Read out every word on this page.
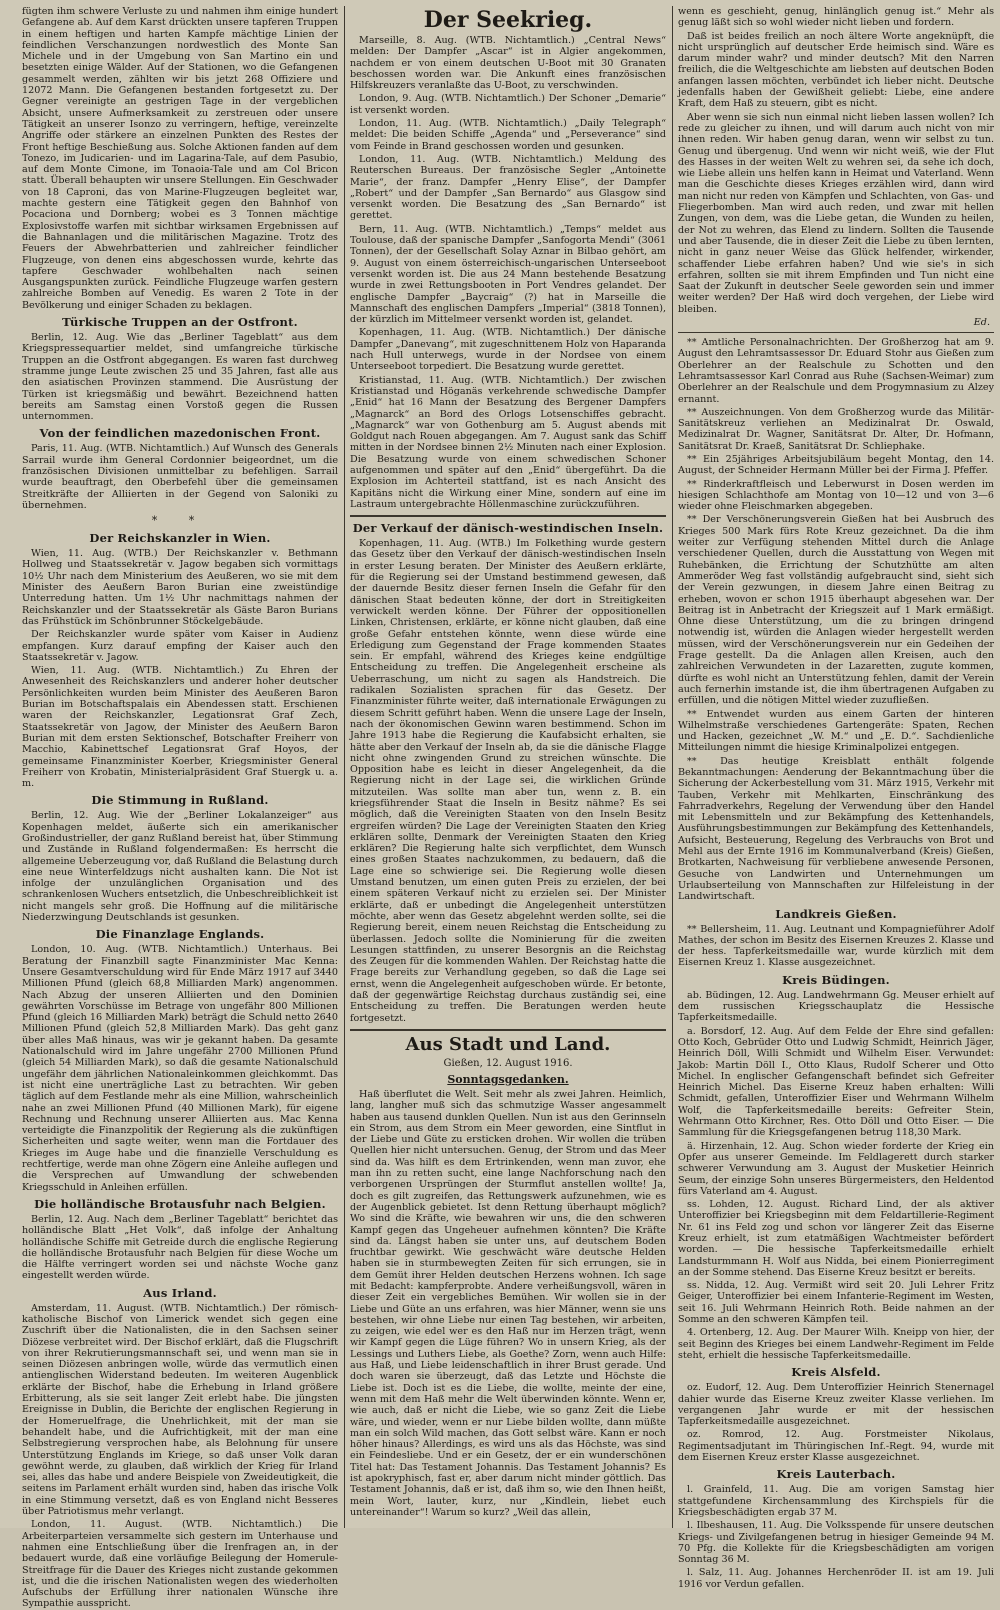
fügten ihm schwere Verluste zu und nahmen ihm einige hundert Gefangene ab. Auf dem Karst drückten unsere tapferen Truppen in einem heftigen und harten Kampfe mächtige Linien der feindlichen Verschanzungen nordwestlich des Monte San Michele und in der Umgebung von San Martino ein und besetzten einige Wälder. Auf der Stationen, wo die Gefangenen gesammelt werden, zählten wir bis jetzt 268 Offiziere und 12072 Mann. Die Gefangenen bestanden fortgesetzt zu. Der Gegner vereinigte an gestrigen Tage in der vergeblichen Absicht, unsere Aufmerksamkeit zu zerstreuen oder unsere Tätigkeit an unserer Isonzo zu verringern, heftige, vereinzelte Angriffe oder stärkere an einzelnen Punkten des Restes der Front heftige Beschießung aus. Solche Aktionen fanden auf dem Tonezo, im Judicarien- und im Lagarina-Tale, auf dem Pasubio, auf dem Monte Cimone, im Tonaoia-Tale und am Col Bricon statt. Überall behaupten wir unsere Stellungen. Ein Geschwader von 18 Caproni, das von Marine-Flugzeugen begleitet war, machte gestern eine Tätigkeit gegen den Bahnhof von Pocaciona und Dornberg; wobei es 3 Tonnen mächtige Explosivstoffe warfen mit sichtbar wirksamen Ergebnissen auf die Bahnanlagen und die militärischen Magazine. Trotz des Feuers der Abwehrbatterien und zahlreicher feindlicher Flugzeuge, von denen eins abgeschossen wurde, kehrte das tapfere Geschwader wohlbehalten nach seinen Ausgangspunkten zurück. Feindliche Flugzeuge warfen gestern zahlreiche Bomben auf Venedig. Es waren 2 Tote in der Bevölkerung und einiger Schaden zu beklagen.

Türkische Truppen an der Ostfront.

Berlin, 12. Aug. Wie das „Berliner Tageblatt“ aus dem Kriegspressequartier meldet, sind umfangreiche türkische Truppen an die Ostfront abgegangen. Es waren fast durchweg stramme junge Leute zwischen 25 und 35 Jahren, fast alle aus den asiatischen Provinzen stammend. Die Ausrüstung der Türken ist kriegsmäßig und bewährt. Bezeichnend hatten bereits am Samstag einen Vorstoß gegen die Russen unternommen.

Von der feindlichen mazedonischen Front.

Paris, 11. Aug. (WTB. Nichtamtlich.) Auf Wunsch des Generals Sarrail wurde ihm General Cordonnier beigeordnet, um die französischen Divisionen unmittelbar zu befehligen. Sarrail wurde beauftragt, den Oberbefehl über die gemeinsamen Streitkräfte der Alliierten in der Gegend von Saloniki zu übernehmen.

* *
Der Reichskanzler in Wien.

Wien, 11. Aug. (WTB.) Der Reichskanzler v. Bethmann Hollweg und Staatssekretär v. Jagow begaben sich vormittags 10½ Uhr nach dem Ministerium des Aeußeren, wo sie mit dem Minister des Aeußern Baron Burian eine zweistündige Unterredung hatten. Um 1½ Uhr nachmittags nahmen der Reichskanzler und der Staatssekretär als Gäste Baron Burians das Frühstück im Schönbrunner Stöckelgebäude.

Der Reichskanzler wurde später vom Kaiser in Audienz empfangen. Kurz darauf empfing der Kaiser auch den Staatssekretär v. Jagow.

Wien, 11. Aug. (WTB. Nichtamtlich.) Zu Ehren der Anwesenheit des Reichskanzlers und anderer hoher deutscher Persönlichkeiten wurden beim Minister des Aeußeren Baron Burian im Botschaftspalais ein Abendessen statt. Erschienen waren der Reichskanzler, Legationsrat Graf Zech, Staatssekretär von Jagow, der Minister des Aeußern Baron Burian mit dem ersten Sektionschef, Botschafter Freiherr von Macchio, Kabinettschef Legationsrat Graf Hoyos, der gemeinsame Finanzminister Koerber, Kriegsminister General Freiherr von Krobatin, Ministerialpräsident Graf Stuergk u. a. m.

Die Stimmung in Rußland.

Berlin, 12. Aug. Wie der „Berliner Lokalanzeiger“ aus Kopenhagen meldet, äußerte sich ein amerikanischer Großindustrieller, der ganz Rußland bereist hat, über Stimmung und Zustände in Rußland folgendermaßen: Es herrscht die allgemeine Ueberzeugung vor, daß Rußland die Belastung durch eine neue Winterfeldzugs nicht aushalten kann. Die Not ist infolge der unzulänglichen Organisation und des schrankenlosen Wuchers entsetzlich, die Unbeschreiblichkeit ist nicht mangels sehr groß. Die Hoffnung auf die militärische Niederzwingung Deutschlands ist gesunken.

Die Finanzlage Englands.

London, 10. Aug. (WTB. Nichtamtlich.) Unterhaus. Bei Beratung der Finanzbill sagte Finanzminister Mac Kenna: Unsere Gesamtverschuldung wird für Ende März 1917 auf 3440 Millionen Pfund (gleich 68,8 Milliarden Mark) angenommen. Nach Abzug der unseren Alliierten und den Dominien gewährten Vorschüsse im Betrage von ungefähr 800 Millionen Pfund (gleich 16 Milliarden Mark) beträgt die Schuld netto 2640 Millionen Pfund (gleich 52,8 Milliarden Mark). Das geht ganz über alles Maß hinaus, was wir je gekannt haben. Da gesamte Nationalschuld wird im Jahre ungefähr 2700 Millionen Pfund (gleich 54 Milliarden Mark), so daß die gesamte Nationalschuld ungefähr dem jährlichen Nationaleinkommen gleichkommt. Das ist nicht eine unerträgliche Last zu betrachten. Wir geben täglich auf dem Festlande mehr als eine Million, wahrscheinlich nahe an zwei Millionen Pfund (40 Millionen Mark), für eigene Rechnung und Rechnung unserer Alliierten aus. Mac Kenna verteidigte die Finanzpolitik der Regierung als die zukünftigen Sicherheiten und sagte weiter, wenn man die Fortdauer des Krieges im Auge habe und die finanzielle Verschuldung es rechtfertige, werde man ohne Zögern eine Anleihe auflegen und die Versprechen auf Umwandlung der schwebenden Kriegsschuld in Anleihen erfüllen.

Die holländische Brotausfuhr nach Belgien.

Berlin, 12. Aug. Nach dem „Berliner Tageblatt“ berichtet das holländische Blatt „Het Volk“, daß infolge der Anhaltung holländische Schiffe mit Getreide durch die englische Regierung die holländische Brotausfuhr nach Belgien für diese Woche um die Hälfte verringert worden sei und nächste Woche ganz eingestellt werden würde.

Aus Irland.

Amsterdam, 11. August. (WTB. Nichtamtlich.) Der römisch-katholische Bischof von Limerick wendet sich gegen eine Zuschrift über die Nationalisten, die in den Sachsen seiner Diözese verbreitet wird. Der Bischof erklärt, daß die Flugschrift von ihrer Rekrutierungsmannschaft sei, und wenn man sie in seinen Diözesen anbringen wolle, würde das vermutlich einen antienglischen Widerstand bedeuten. Im weiteren Augenblick erklärte der Bischof, habe die Erhebung in Irland größere Erbitterung, als sie seit langer Zeit erlebt habe. Die jüngsten Ereignisse in Dublin, die Berichte der englischen Regierung in der Homeruelfrage, die Unehrlichkeit, mit der man sie behandelt habe, und die Aufrichtigkeit, mit der man eine Selbstregierung versprochen habe, als Belohnung für unsere Unterstützung Englands im Kriege, so daß unser Volk daran gewöhnt werde, zu glauben, daß wirklich der Krieg für Irland sei, alles das habe und andere Beispiele von Zweideutigkeit, die seitens im Parlament erhält wurden sind, haben das irische Volk in eine Stimmung versetzt, daß es von England nicht Besseres über Patriotismus mehr verlangt.

London, 11. August. (WTB. Nichtamtlich.) Die Arbeiterparteien versammelte sich gestern im Unterhause und nahmen eine Entschließung über die Irenfragen an, in der bedauert wurde, daß eine vorläufige Beilegung der Homerule-Streitfrage für die Dauer des Krieges nicht zustande gekommen ist, und die die irischen Nationalisten wegen des wiederholten Aufschubs der Erfüllung ihrer nationalen Wünsche ihre Sympathie ausspricht.

Der Seekrieg.

Marseille, 8. Aug. (WTB. Nichtamtlich.) „Central News“ melden: Der Dampfer „Ascar“ ist in Algier angekommen, nachdem er von einem deutschen U-Boot mit 30 Granaten beschossen worden war. Die Ankunft eines französischen Hilfskreuzers veranlaßte das U-Boot, zu verschwinden.

London, 9. Aug. (WTB. Nichtamtlich.) Der Schoner „Demarie“ ist versenkt worden.

London, 11. Aug. (WTB. Nichtamtlich.) „Daily Telegraph“ meldet: Die beiden Schiffe „Agenda“ und „Perseverance“ sind vom Feinde in Brand geschossen worden und gesunken.

London, 11. Aug. (WTB. Nichtamtlich.) Meldung des Reuterschen Bureaus. Der französische Segler „Antoinette Marie“, der franz. Dampfer „Henry Elise“, der Dampfer „Robert“ und der Dampfer „San Bernardo“ aus Glasgow sind versenkt worden. Die Besatzung des „San Bernardo“ ist gerettet.

Bern, 11. Aug. (WTB. Nichtamtlich.) „Temps“ meldet aus Toulouse, daß der spanische Dampfer „Sanfogorta Mendi“ (3061 Tonnen), der der Gesellschaft Solay Aznar in Bilbao gehört, am 9. August von einem österreichisch-ungarischen Unterseeboot versenkt worden ist. Die aus 24 Mann bestehende Besatzung wurde in zwei Rettungsbooten in Port Vendres gelandet. Der englische Dampfer „Baycraig“ (?) hat in Marseille die Mannschaft des englischen Dampfers „Imperial“ (3818 Tonnen), der kürzlich im Mittelmeer versenkt worden ist, gelandet.

Kopenhagen, 11. Aug. (WTB. Nichtamtlich.) Der dänische Dampfer „Danevang“, mit zugeschnittenem Holz von Haparanda nach Hull unterwegs, wurde in der Nordsee von einem Unterseeboot torpediert. Die Besatzung wurde gerettet.

Kristianstad, 11. Aug. (WTB. Nichtamtlich.) Der zwischen Kristianstad und Höganäs verkehrende schwedische Dampfer „Enid“ hat 16 Mann der Besatzung des Bergener Dampfers „Magnarck“ an Bord des Orlogs Lotsenschiffes gebracht. „Magnarck“ war von Gothenburg am 5. August abends mit Goldgut nach Rouen abgegangen. Am 7. August sank das Schiff mitten in der Nordsee binnen 2½ Minuten nach einer Explosion. Die Besatzung wurde von einem schwedischen Schoner aufgenommen und später auf den „Enid“ übergeführt. Da die Explosion im Achterteil stattfand, ist es nach Ansicht des Kapitäns nicht die Wirkung einer Mine, sondern auf eine im Lastraum untergebrachte Höllenmaschine zurückzuführen.

Der Verkauf der dänisch-westindischen Inseln.

Kopenhagen, 11. Aug. (WTB.) Im Folkething wurde gestern das Gesetz über den Verkauf der dänisch-westindischen Inseln in erster Lesung beraten. Der Minister des Aeußern erklärte, für die Regierung sei der Umstand bestimmend gewesen, daß der dauernde Besitz dieser fernen Inseln die Gefahr für den dänischen Staat bedeuten könne, der dort in Streitigkeiten verwickelt werden könne. Der Führer der oppositionellen Linken, Christensen, erklärte, er könne nicht glauben, daß eine große Gefahr entstehen könnte, wenn diese würde eine Erledigung zum Gegenstand der Frage kommenden Staates sein. Er empfahl, während des Krieges keine endgültige Entscheidung zu treffen. Die Angelegenheit erscheine als Ueberraschung, um nicht zu sagen als Handstreich. Die radikalen Sozialisten sprachen für das Gesetz. Der Finanzminister führte weiter, daß internationale Erwägungen zu diesem Schritt geführt haben. Wenn die unsere Lage der Inseln, nach der ökonomischen Gewinn waren bestimmend. Schon im Jahre 1913 habe die Regierung die Kaufabsicht erhalten, sie hätte aber den Verkauf der Inseln ab, da sie die dänische Flagge nicht ohne zwingenden Grund zu streichen wünschte. Die Opposition habe es leicht in dieser Angelegenheit, da die Regierung nicht in der Lage sei, die wirklichen Gründe mitzuteilen. Was sollte man aber tun, wenn z. B. ein kriegsführender Staat die Inseln in Besitz nähme? Es sei möglich, daß die Vereinigten Staaten von den Inseln Besitz ergreifen würden? Die Lage der Vereinigten Staaten den Krieg erklären sollte, Denmark der Vereinigten Staaten den Krieg erklären? Die Regierung halte sich verpflichtet, dem Wunsch eines großen Staates nachzukommen, zu bedauern, daß die Lage eine so schwierige sei. Die Regierung wolle diesen Umstand benutzen, um einen guten Preis zu erzielen, der bei einem späteren Verkauf nicht zu erzielen sei. Der Minister erklärte, daß er unbedingt die Angelegenheit unterstützen möchte, aber wenn das Gesetz abgelehnt werden sollte, sei die Regierung bereit, einem neuen Reichstag die Entscheidung zu überlassen. Jedoch sollte die Nominierung für die zweiten Lesungen stattfinden, zu unserer Besorgnis an die Reichstag des Zeugen für die kommenden Wahlen. Der Reichstag hatte die Frage bereits zur Verhandlung gegeben, so daß die Lage sei ernst, wenn die Angelegenheit aufgeschoben würde. Er betonte, daß der gegenwärtige Reichstag durchaus zuständig sei, eine Entscheidung zu treffen. Die Beratungen werden heute fortgesetzt.

Aus Stadt und Land.
Gießen, 12. August 1916.
Sonntagsgedanken.

Haß überflutet die Welt. Seit mehr als zwei Jahren. Heimlich, lang, langher muß sich das schmutzige Wasser angesammelt haben aus tausend dunklen Quellen. Nun ist aus den Gerinnseln ein Strom, aus dem Strom ein Meer geworden, eine Sintflut in der Liebe und Güte zu ersticken drohen. Wir wollen die trüben Quellen hier nicht untersuchen. Genug, der Strom und das Meer sind da. Was hilft es dem Ertrinkenden, wenn man zuvor, ehe man ihn zu retten sucht, eine lange Nachforschung nach den verborgenen Ursprüngen der Sturmflut anstellen wollte! Ja, doch es gilt zugreifen, das Rettungswerk aufzunehmen, wie es der Augenblick gebietet. Ist denn Rettung überhaupt möglich? Wo sind die Kräfte, wie bewahren wir uns, die den schweren Kampf gegen das Ungeheuer aufnehmen könnten? Die Kräfte sind da. Längst haben sie unter uns, auf deutschem Boden fruchtbar gewirkt. Wie geschwächt wäre deutsche Helden haben sie in sturmbewegten Zeiten für sich errungen, sie in dem Gemüt ihrer Helden deutschen Herzens wohnen. Ich sage mit Bedacht: kampferprobte. Andere verheißungsvoll, wären in dieser Zeit ein vergebliches Bemühen. Wir wollen sie in der Liebe und Güte an uns erfahren, was hier Männer, wenn sie uns bestehen, wir ohne Liebe nur einen Tag bestehen, wir arbeiten, zu zeigen, wie edel wer es den Haß nur im Herzen trägt, wenn wir Kampf gegen die Lüge führen? Wo in unsern Krieg, als der Lessings und Luthers Liebe, als Goethe? Zorn, wenn auch Hilfe: aus Haß, und Liebe leidenschaftlich in ihrer Brust gerade. Und doch waren sie überzeugt, daß das Letzte und Höchste die Liebe ist. Doch ist es die Liebe, die wollte, meinte der eine, wenn mit dem Haß mehr die Welt überwinden könnte. Wenn er, wie auch, daß er nicht die Liebe, wie so ganz Zeit die Liebe wäre, und wieder, wenn er nur Liebe bilden wollte, dann müßte man ein solch Wild machen, das Gott selbst wäre. Kann er noch höher hinaus? Allerdings, es wird uns als das Höchste, was sind ein Feindesliebe. Und er ein Gesetz, der er ein wunderschönen Titel hat: Das Testament Johannis. Das Testament Johannis? Es ist apokryphisch, fast er, aber darum nicht minder göttlich. Das Testament Johannis, daß er ist, daß ihm so, wie den Ihnen heißt, mein Wort, lauter, kurz, nur „Kindlein, liebet euch untereinander“! Warum so kurz? „Weil das allein,

wenn es geschieht, genug, hinlänglich genug ist.“ Mehr als genug läßt sich so wohl wieder nicht lieben und fordern.

Daß ist beides freilich an noch ältere Worte angeknüpft, die nicht ursprünglich auf deutscher Erde heimisch sind. Wäre es darum minder wahr? und minder deutsch? Mit den Narren freilich, die die Weltgeschichte am liebsten auf deutschen Boden anfangen lassen möchten, verbündet ich lieber nicht. Deutsche jedenfalls haben der Gewißheit geliebt: Liebe, eine andere Kraft, dem Haß zu steuern, gibt es nicht.

Aber wenn sie sich nun einmal nicht lieben lassen wollen? Ich rede zu gleicher zu ihnen, und will darum auch nicht von mir ihnen reden. Wir haben genug daran, wenn wir selbst zu tun. Genug und übergenug. Und wenn wir nicht weiß, wie der Flut des Hasses in der weiten Welt zu wehren sei, da sehe ich doch, wie Liebe allein uns helfen kann in Heimat und Vaterland. Wenn man die Geschichte dieses Krieges erzählen wird, dann wird man nicht nur reden von Kämpfen und Schlachten, von Gas- und Fliegerbomben. Man wird auch reden, und zwar mit hellen Zungen, von dem, was die Liebe getan, die Wunden zu heilen, der Not zu wehren, das Elend zu lindern. Sollten die Tausende und aber Tausende, die in dieser Zeit die Liebe zu üben lernten, nicht in ganz neuer Weise das Glück helfender, wirkender, schaffender Liebe erfahren haben? Und wie sie's in sich erfahren, sollten sie mit ihrem Empfinden und Tun nicht eine Saat der Zukunft in deutscher Seele geworden sein und immer weiter werden? Der Haß wird doch vergehen, der Liebe wird bleiben.

Ed.

** Amtliche Personalnachrichten. Der Großherzog hat am 9. August den Lehramtsassessor Dr. Eduard Stohr aus Gießen zum Oberlehrer an der Realschule zu Schotten und den Lehramtsassessor Karl Conrad aus Ruhe (Sachsen-Weimar) zum Oberlehrer an der Realschule und dem Progymnasium zu Alzey ernannt.

** Auszeichnungen. Von dem Großherzog wurde das Militär-Sanitätskreuz verliehen an Medizinalrat Dr. Oswald, Medizinalrat Dr. Wagner, Sanitätsrat Dr. Alter, Dr. Hofmann, Sanitätsrat Dr. Kraeß, Sanitätsrat Dr. Schliephake.

** Ein 25jähriges Arbeitsjubiläum begeht Montag, den 14. August, der Schneider Hermann Müller bei der Firma J. Pfeffer.

** Rinderkraftfleisch und Leberwurst in Dosen werden im hiesigen Schlachthofe am Montag von 10—12 und von 3—6 wieder ohne Fleischmarken abgegeben.

** Der Verschönerungsverein Gießen hat bei Ausbruch des Krieges 500 Mark fürs Rote Kreuz gezeichnet. Da die ihm weiter zur Verfügung stehenden Mittel durch die Anlage verschiedener Quellen, durch die Ausstattung von Wegen mit Ruhebänken, die Errichtung der Schutzhütte am alten Ammeröder Weg fast vollständig aufgebraucht sind, sieht sich der Verein gezwungen, in diesem Jahre einen Beitrag zu erheben, wovon er schon 1915 überhaupt abgesehen war. Der Beitrag ist in Anbetracht der Kriegszeit auf 1 Mark ermäßigt. Ohne diese Unterstützung, um die zu bringen dringend notwendig ist, würden die Anlagen wieder hergestellt werden müssen, wird der Verschönerungsverein nur ein Gedeihen der Frage gestellt. Da die Anlagen allen Kreisen, auch den zahlreichen Verwundeten in der Lazaretten, zugute kommen, dürfte es wohl nicht an Unterstützung fehlen, damit der Verein auch fernerhin imstande ist, die ihm übertragenen Aufgaben zu erfüllen, und die nötigen Mittel wieder zuzufließen.

** Entwendet wurden aus einem Garten der hinteren Wilhelmstraße verschiedenes Gartengeräte: Spaten, Rechen und Hacken, gezeichnet „W. M.“ und „E. D.“. Sachdienliche Mitteilungen nimmt die hiesige Kriminalpolizei entgegen.

** Das heutige Kreisblatt enthält folgende Bekanntmachungen: Aenderung der Bekanntmachung über die Sicherung der Ackerbestellung vom 31. März 1915, Verkehr mit Tauben, Verkehr mit Mehlkarten, Einschränkung des Fahrradverkehrs, Regelung der Verwendung über den Handel mit Lebensmitteln und zur Bekämpfung des Kettenhandels, Ausführungsbestimmungen zur Bekämpfung des Kettenhandels, Aufsicht, Besteuerung, Regelung des Verbrauchs von Brot und Mehl aus der Ernte 1916 im Kommunalverband (Kreis) Gießen, Brotkarten, Nachweisung für verbliebene anwesende Personen, Gesuche von Landwirten und Unternehmungen um Urlaubserteilung von Mannschaften zur Hilfeleistung in der Landwirtschaft.

Landkreis Gießen.

** Bellersheim, 11. Aug. Leutnant und Kompagnieführer Adolf Mathes, der schon im Besitz des Eisernen Kreuzes 2. Klasse und der hess. Tapferkeitsmedaille war, wurde kürzlich mit dem Eisernen Kreuz 1. Klasse ausgezeichnet.

Kreis Büdingen.

ab. Büdingen, 12. Aug. Landwehrmann Gg. Meuser erhielt auf dem russischen Kriegsschauplatz die Hessische Tapferkeitsmedaille.

a. Borsdorf, 12. Aug. Auf dem Felde der Ehre sind gefallen: Otto Koch, Gebrüder Otto und Ludwig Schmidt, Heinrich Jäger, Heinrich Döll, Willi Schmidt und Wilhelm Eiser. Verwundet: Jakob: Martin Döll I., Otto Klaus, Rudolf Scherer und Otto Michel. In englischer Gefangenschaft befindet sich Gefreiter Heinrich Michel. Das Eiserne Kreuz haben erhalten: Willi Schmidt, gefallen, Unteroffizier Eiser und Wehrmann Wilhelm Wolf, die Tapferkeitsmedaille bereits: Gefreiter Stein, Wehrmann Otto Kirchner, Res. Otto Döll und Otto Eiser. — Die Sammlung für die Kriegsgefangenen betrug 118,30 Mark.

ä. Hirzenhain, 12. Aug. Schon wieder forderte der Krieg ein Opfer aus unserer Gemeinde. Im Feldlagerett durch starker schwerer Verwundung am 3. August der Musketier Heinrich Seum, der einzige Sohn unseres Bürgermeisters, den Heldentod fürs Vaterland am 4. August.

ss. Lohden, 12. August. Richard Lind, der als aktiver Unteroffizier bei Kriegsbeginn mit dem Feldartillerie-Regiment Nr. 61 ins Feld zog und schon vor längerer Zeit das Eiserne Kreuz erhielt, ist zum etatmäßigen Wachtmeister befördert worden. — Die hessische Tapferkeitsmedaille erhielt Landsturmmann H. Wolf aus Nidda, bei einem Pionierregiment an der Somme stehend. Das Eiserne Kreuz besitzt er bereits.

ss. Nidda, 12. Aug. Vermißt wird seit 20. Juli Lehrer Fritz Geiger, Unteroffizier bei einem Infanterie-Regiment im Westen, seit 16. Juli Wehrmann Heinrich Roth. Beide nahmen an der Somme an den schweren Kämpfen teil.

4. Ortenberg, 12. Aug. Der Maurer Wilh. Kneipp von hier, der seit Beginn des Krieges bei einem Landwehr-Regiment im Felde steht, erhielt die hessische Tapferkeitsmedaille.

Kreis Alsfeld.

oz. Eudorf, 12. Aug. Dem Unteroffizier Heinrich Stenernagel dahier wurde das Eiserne Kreuz zweiter Klasse verliehen. Im vergangenen Jahr wurde er mit der hessischen Tapferkeitsmedaille ausgezeichnet.

oz. Romrod, 12. Aug. Forstmeister Nikolaus, Regimentsadjutant im Thüringischen Inf.-Regt. 94, wurde mit dem Eisernen Kreuz erster Klasse ausgezeichnet.

Kreis Lauterbach.

l. Grainfeld, 11. Aug. Die am vorigen Samstag hier stattgefundene Kirchensammlung des Kirchspiels für die Kriegsbeschädigten ergab 37 M.

l. Ilbeshausen, 11. Aug. Die Volksspende für unsere deutschen Kriegs- und Zivilgefangenen betrug in hiesiger Gemeinde 94 M. 70 Pfg. die Kollekte für die Kriegsbeschädigten am vorigen Sonntag 36 M.

l. Salz, 11. Aug. Johannes Herchenröder II. ist am 19. Juli 1916 vor Verdun gefallen.
